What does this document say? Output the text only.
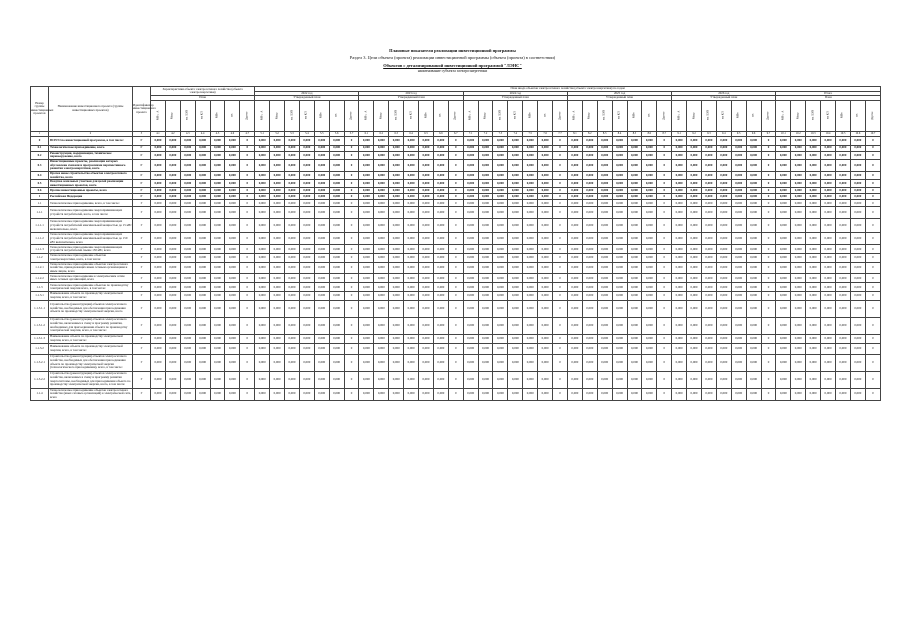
Плановые показатели реализации инвестиционной программы
Раздел 3. Цели объекта (проекта) реализации инвестиционной программы (объекта (проекта) в соответствии)
Объектов с детализированной инвестиционной программой "ЛЭНС"
наименование субъекта электроэнергетики
Номер группы инвестиционных проектов	Наименование инвестиционного проекта (группы инвестиционных проектов)	Идентификатор инвестиционного проекта	Характеристики объекта электросетевого хозяйства (объекта электроэнергетики)							План ввода объектов электросетевого хозяйства (объекта электроэнергетики) по годам																																									
										2022 год							2023 год							2024 год							2025 год							2026 год							Итого						
			План							Утвержденный план							Утвержденный план							Утвержденный план							Утвержденный план							Утвержденный план							План						
			МВ×А	Мвар	км ЛЭП	км КЛ	МВт	шт.	Другое	МВ×А	Мвар	км ЛЭП	км КЛ	МВт	шт.	Другое	МВ×А	Мвар	км ЛЭП	км КЛ	МВт	шт.	Другое	МВ×А	Мвар	км ЛЭП	км КЛ	МВт	шт.	Другое	МВ×А	Мвар	км ЛЭП	км КЛ	МВт	шт.	Другое	МВ×А	Мвар	км ЛЭП	км КЛ	МВт	шт.	Другое	МВ×А	Мвар	км ЛЭП	км КЛ	МВт	шт.	Другое
1	2	3	4.1	4.2	4.3	4.4	4.5	4.6	4.7	5.1	5.2	5.3	5.4	5.5	5.6	5.7	6.1	6.2	6.3	6.4	6.5	6.6	6.7	7.1	7.2	7.3	7.4	7.5	7.6	7.7	8.1	8.2	8.3	8.4	8.5	8.6	8.7	9.1	9.2	9.3	9.4	9.5	9.6	9.7	10.1	10.2	10.3	10.4	10.5	10.6	10.7
0	ВСЕГО по инвестиционной программе, в том числе:	Г	0,000	0,000	0,000	0,000	0,000	0,000	0	0,000	0,000	0,000	0,000	0,000	0,000	0	0,000	0,000	0,000	0,000	0,000	0,000	0	0,000	0,000	0,000	0,000	0,000	0,000	0	0,000	0,000	0,000	0,000	0,000	0,000	0	0,000	0,000	0,000	0,000	0,000	0,000	0	0,000	0,000	0,000	0,000	0,000	0,000	0
0.1	Технологическое присоединение, всего	Г	0,000	0,000	0,000	0,000	0,000	0,000	0	0,000	0,000	0,000	0,000	0,000	0,000	0	0,000	0,000	0,000	0,000	0,000	0,000	0	0,000	0,000	0,000	0,000	0,000	0,000	0	0,000	0,000	0,000	0,000	0,000	0,000	0	0,000	0,000	0,000	0,000	0,000	0,000	0	0,000	0,000	0,000	0,000	0,000	0,000	0
0.2	Реконструкция, модернизация, техническое перевооружение, всего	Г	0,000	0,000	0,000	0,000	0,000	0,000	0	0,000	0,000	0,000	0,000	0,000	0,000	0	0,000	0,000	0,000	0,000	0,000	0,000	0	0,000	0,000	0,000	0,000	0,000	0,000	0	0,000	0,000	0,000	0,000	0,000	0,000	0	0,000	0,000	0,000	0,000	0,000	0,000	0	0,000	0,000	0,000	0,000	0,000	0,000	0
0.3	Инвестиционные проекты, реализация которых обусловлена схемами и программами перспективного развития электроэнергетики, всего	Г	0,000	0,000	0,000	0,000	0,000	0,000	0	0,000	0,000	0,000	0,000	0,000	0,000	0	0,000	0,000	0,000	0,000	0,000	0,000	0	0,000	0,000	0,000	0,000	0,000	0,000	0	0,000	0,000	0,000	0,000	0,000	0,000	0	0,000	0,000	0,000	0,000	0,000	0,000	0	0,000	0,000	0,000	0,000	0,000	0,000	0
0.4	Прочее новое строительство объектов электросетевого хозяйства, всего	Г	0,000	0,000	0,000	0,000	0,000	0,000	0	0,000	0,000	0,000	0,000	0,000	0,000	0	0,000	0,000	0,000	0,000	0,000	0,000	0	0,000	0,000	0,000	0,000	0,000	0,000	0	0,000	0,000	0,000	0,000	0,000	0,000	0	0,000	0,000	0,000	0,000	0,000	0,000	0	0,000	0,000	0,000	0,000	0,000	0,000	0
0.5	Покупка земельных участков для целей реализации инвестиционных проектов, всего	Г	0,000	0,000	0,000	0,000	0,000	0,000	0	0,000	0,000	0,000	0,000	0,000	0,000	0	0,000	0,000	0,000	0,000	0,000	0,000	0	0,000	0,000	0,000	0,000	0,000	0,000	0	0,000	0,000	0,000	0,000	0,000	0,000	0	0,000	0,000	0,000	0,000	0,000	0,000	0	0,000	0,000	0,000	0,000	0,000	0,000	0
0.6	Прочие инвестиционные проекты, всего	Г	0,000	0,000	0,000	0,000	0,000	0,000	0	0,000	0,000	0,000	0,000	0,000	0,000	0	0,000	0,000	0,000	0,000	0,000	0,000	0	0,000	0,000	0,000	0,000	0,000	0,000	0	0,000	0,000	0,000	0,000	0,000	0,000	0	0,000	0,000	0,000	0,000	0,000	0,000	0	0,000	0,000	0,000	0,000	0,000	0,000	0
1	Российская Федерация	Г	0,000	0,000	0,000	0,000	0,000	0,000	0	0,000	0,000	0,000	0,000	0,000	0,000	0	0,000	0,000	0,000	0,000	0,000	0,000	0	0,000	0,000	0,000	0,000	0,000	0,000	0	0,000	0,000	0,000	0,000	0,000	0,000	0	0,000	0,000	0,000	0,000	0,000	0,000	0	0,000	0,000	0,000	0,000	0,000	0,000	0
1.1	Технологическое присоединение, всего, в том числе:	Г	0,000	0,000	0,000	0,000	0,000	0,000	0	0,000	0,000	0,000	0,000	0,000	0,000	0	0,000	0,000	0,000	0,000	0,000	0,000	0	0,000	0,000	0,000	0,000	0,000	0,000	0	0,000	0,000	0,000	0,000	0,000	0,000	0	0,000	0,000	0,000	0,000	0,000	0,000	0	0,000	0,000	0,000	0,000	0,000	0,000	0
1.1.1	Технологическое присоединение энергопринимающих устройств потребителей, всего, в том числе:	Г	0,000	0,000	0,000	0,000	0,000	0,000	0	0,000	0,000	0,000	0,000	0,000	0,000	0	0,000	0,000	0,000	0,000	0,000	0,000	0	0,000	0,000	0,000	0,000	0,000	0,000	0	0,000	0,000	0,000	0,000	0,000	0,000	0	0,000	0,000	0,000	0,000	0,000	0,000	0	0,000	0,000	0,000	0,000	0,000	0,000	0
1.1.1.1	Технологическое присоединение энергопринимающих устройств потребителей максимальной мощностью до 15 кВт включительно, всего	Г	0,000	0,000	0,000	0,000	0,000	0,000	0	0,000	0,000	0,000	0,000	0,000	0,000	0	0,000	0,000	0,000	0,000	0,000	0,000	0	0,000	0,000	0,000	0,000	0,000	0,000	0	0,000	0,000	0,000	0,000	0,000	0,000	0	0,000	0,000	0,000	0,000	0,000	0,000	0	0,000	0,000	0,000	0,000	0,000	0,000	0
1.1.1.2	Технологическое присоединение энергопринимающих устройств потребителей максимальной мощностью до 150 кВт включительно, всего	Г	0,000	0,000	0,000	0,000	0,000	0,000	0	0,000	0,000	0,000	0,000	0,000	0,000	0	0,000	0,000	0,000	0,000	0,000	0,000	0	0,000	0,000	0,000	0,000	0,000	0,000	0	0,000	0,000	0,000	0,000	0,000	0,000	0	0,000	0,000	0,000	0,000	0,000	0,000	0	0,000	0,000	0,000	0,000	0,000	0,000	0
1.1.1.3	Технологическое присоединение энергопринимающих устройств потребителей свыше 150 кВт, всего	Г	0,000	0,000	0,000	0,000	0,000	0,000	0	0,000	0,000	0,000	0,000	0,000	0,000	0	0,000	0,000	0,000	0,000	0,000	0,000	0	0,000	0,000	0,000	0,000	0,000	0,000	0	0,000	0,000	0,000	0,000	0,000	0,000	0	0,000	0,000	0,000	0,000	0,000	0,000	0	0,000	0,000	0,000	0,000	0,000	0,000	0
1.1.2	Технологическое присоединение объектов электроэнергетики, всего, в том числе:	Г	0,000	0,000	0,000	0,000	0,000	0,000	0	0,000	0,000	0,000	0,000	0,000	0,000	0	0,000	0,000	0,000	0,000	0,000	0,000	0	0,000	0,000	0,000	0,000	0,000	0,000	0	0,000	0,000	0,000	0,000	0,000	0,000	0	0,000	0,000	0,000	0,000	0,000	0,000	0	0,000	0,000	0,000	0,000	0,000	0,000	0
1.1.2.1	Технологическое присоединение объектов электросетевого хозяйства, принадлежащих иным сетевым организациям и иным лицам, всего	Г	0,000	0,000	0,000	0,000	0,000	0,000	0	0,000	0,000	0,000	0,000	0,000	0,000	0	0,000	0,000	0,000	0,000	0,000	0,000	0	0,000	0,000	0,000	0,000	0,000	0,000	0	0,000	0,000	0,000	0,000	0,000	0,000	0	0,000	0,000	0,000	0,000	0,000	0,000	0	0,000	0,000	0,000	0,000	0,000	0,000	0
1.1.2.2	Технологическое присоединение к электрическим сетям иных сетевых организаций, всего	Г	0,000	0,000	0,000	0,000	0,000	0,000	0	0,000	0,000	0,000	0,000	0,000	0,000	0	0,000	0,000	0,000	0,000	0,000	0,000	0	0,000	0,000	0,000	0,000	0,000	0,000	0	0,000	0,000	0,000	0,000	0,000	0,000	0	0,000	0,000	0,000	0,000	0,000	0,000	0	0,000	0,000	0,000	0,000	0,000	0,000	0
1.1.3	Технологическое присоединение объектов по производству электрической энергии всего, в том числе:	Г	0,000	0,000	0,000	0,000	0,000	0,000	0	0,000	0,000	0,000	0,000	0,000	0,000	0	0,000	0,000	0,000	0,000	0,000	0,000	0	0,000	0,000	0,000	0,000	0,000	0,000	0	0,000	0,000	0,000	0,000	0,000	0,000	0	0,000	0,000	0,000	0,000	0,000	0,000	0	0,000	0,000	0,000	0,000	0,000	0,000	0
1.1.3.1	Наименование объекта по производству электрической энергии, всего, в том числе:	Г	0,000	0,000	0,000	0,000	0,000	0,000	0	0,000	0,000	0,000	0,000	0,000	0,000	0	0,000	0,000	0,000	0,000	0,000	0,000	0	0,000	0,000	0,000	0,000	0,000	0,000	0	0,000	0,000	0,000	0,000	0,000	0,000	0	0,000	0,000	0,000	0,000	0,000	0,000	0	0,000	0,000	0,000	0,000	0,000	0,000	0
1.1.3.1.1	Строительство (реконструкция) объектов электросетевого хозяйства, необходимых для обеспечения присоединения объекта по производству электрической энергии, всего	Г	0,000	0,000	0,000	0,000	0,000	0,000	0	0,000	0,000	0,000	0,000	0,000	0,000	0	0,000	0,000	0,000	0,000	0,000	0,000	0	0,000	0,000	0,000	0,000	0,000	0,000	0	0,000	0,000	0,000	0,000	0,000	0,000	0	0,000	0,000	0,000	0,000	0,000	0,000	0	0,000	0,000	0,000	0,000	0,000	0,000	0
1.1.3.1.2	Строительство (реконструкция) объектов электросетевого хозяйства, включенных в схему и программу развития, необходимых для присоединения объекта по производству электрической энергии, всего, в том числе:	Г	0,000	0,000	0,000	0,000	0,000	0,000	0	0,000	0,000	0,000	0,000	0,000	0,000	0	0,000	0,000	0,000	0,000	0,000	0,000	0	0,000	0,000	0,000	0,000	0,000	0,000	0	0,000	0,000	0,000	0,000	0,000	0,000	0	0,000	0,000	0,000	0,000	0,000	0,000	0	0,000	0,000	0,000	0,000	0,000	0,000	0
1.1.3.1.3	Наименование объекта по производству электрической энергии, всего, в том числе:	Г	0,000	0,000	0,000	0,000	0,000	0,000	0	0,000	0,000	0,000	0,000	0,000	0,000	0	0,000	0,000	0,000	0,000	0,000	0,000	0	0,000	0,000	0,000	0,000	0,000	0,000	0	0,000	0,000	0,000	0,000	0,000	0,000	0	0,000	0,000	0,000	0,000	0,000	0,000	0	0,000	0,000	0,000	0,000	0,000	0,000	0
1.1.3.2	Наименование объекта по производству электрической энергии, всего, в том числе:	Г	0,000	0,000	0,000	0,000	0,000	0,000	0	0,000	0,000	0,000	0,000	0,000	0,000	0	0,000	0,000	0,000	0,000	0,000	0,000	0	0,000	0,000	0,000	0,000	0,000	0,000	0	0,000	0,000	0,000	0,000	0,000	0,000	0	0,000	0,000	0,000	0,000	0,000	0,000	0	0,000	0,000	0,000	0,000	0,000	0,000	0
1.1.3.2.1	Строительство (реконструкция) объектов электросетевого хозяйства, необходимых для обеспечения присоединения объекта по производству электрической энергии (технологического присоединения), всего, в том числе:	Г	0,000	0,000	0,000	0,000	0,000	0,000	0	0,000	0,000	0,000	0,000	0,000	0,000	0	0,000	0,000	0,000	0,000	0,000	0,000	0	0,000	0,000	0,000	0,000	0,000	0,000	0	0,000	0,000	0,000	0,000	0,000	0,000	0	0,000	0,000	0,000	0,000	0,000	0,000	0	0,000	0,000	0,000	0,000	0,000	0,000	0
1.1.3.2.2	Строительство (реконструкция) объектов электросетевого хозяйства, включенных в схему и программу развития энергосистемы, необходимых для присоединения объекта по производству электрической энергии, всего, в том числе:	Г	0,000	0,000	0,000	0,000	0,000	0,000	0	0,000	0,000	0,000	0,000	0,000	0,000	0	0,000	0,000	0,000	0,000	0,000	0,000	0	0,000	0,000	0,000	0,000	0,000	0,000	0	0,000	0,000	0,000	0,000	0,000	0,000	0	0,000	0,000	0,000	0,000	0,000	0,000	0	0,000	0,000	0,000	0,000	0,000	0,000	0
1.1.4	Технологическое присоединение объектов электросетевого хозяйства (иных сетевых организаций) к электрической сети, всего	Г	0,000	0,000	0,000	0,000	0,000	0,000	0	0,000	0,000	0,000	0,000	0,000	0,000	0	0,000	0,000	0,000	0,000	0,000	0,000	0	0,000	0,000	0,000	0,000	0,000	0,000	0	0,000	0,000	0,000	0,000	0,000	0,000	0	0,000	0,000	0,000	0,000	0,000	0,000	0	0,000	0,000	0,000	0,000	0,000	0,000	0
